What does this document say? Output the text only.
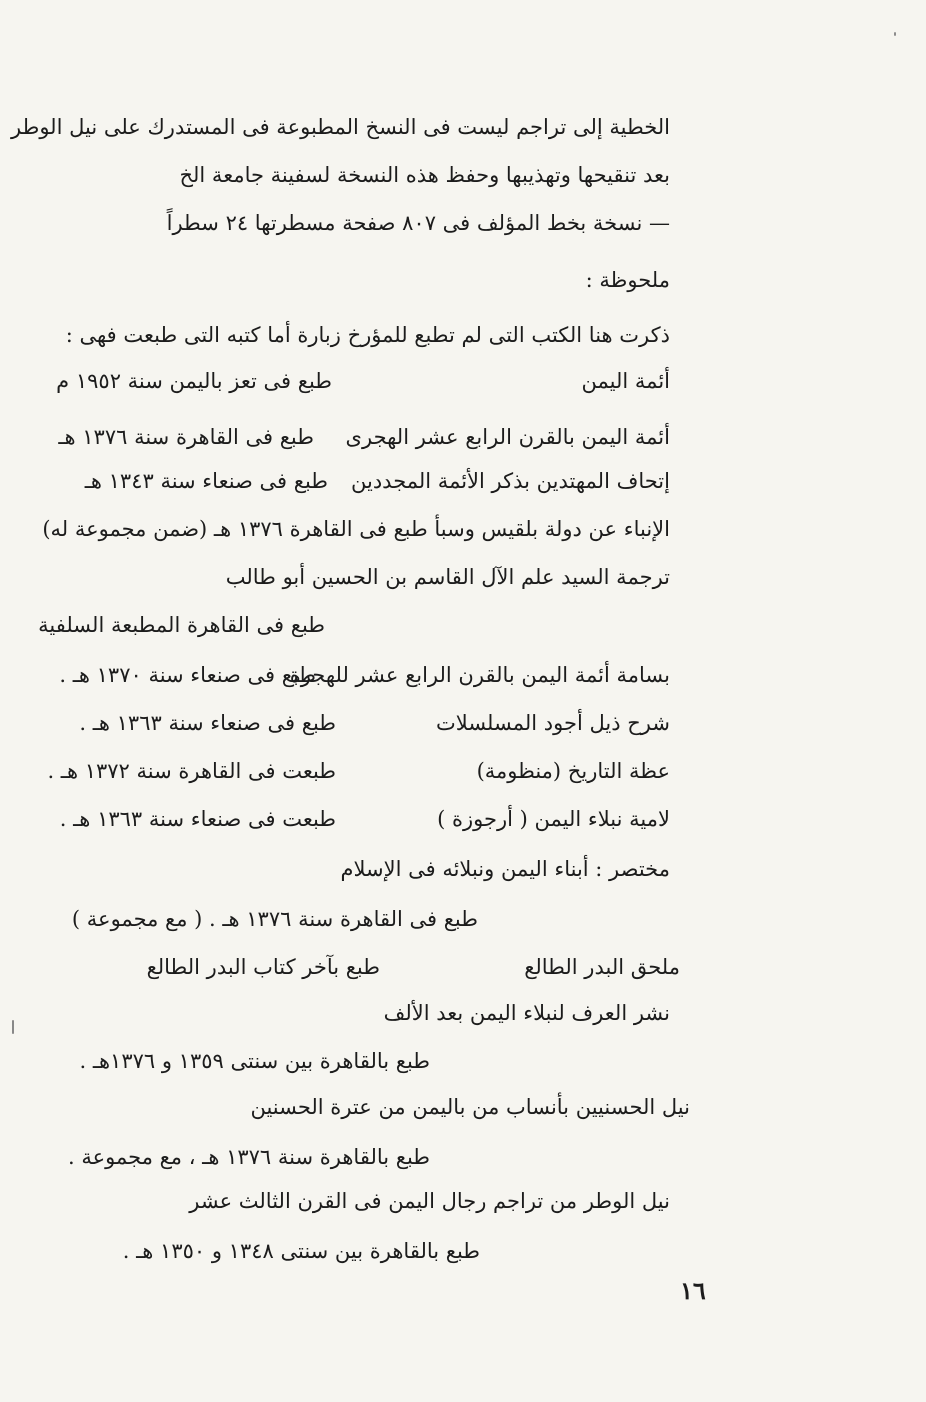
الخطية إلى تراجم ليست فى النسخ المطبوعة فى المستدرك على نيل الوطر

بعد تنقيحها وتهذيبها وحفظ هذه النسخة لسفينة جامعة الخ

— نسخة بخط المؤلف فى ٨٠٧ صفحة مسطرتها ٢٤ سطراً

ملحوظة :

ذكرت هنا الكتب التى لم تطبع للمؤرخ زبارة أما كتبه التى طبعت فهى :

أئمة اليمن
طبع فى تعز باليمن سنة ١٩٥٢ م
أئمة اليمن بالقرن الرابع عشر الهجرى
طبع فى القاهرة سنة ١٣٧٦ هـ
إتحاف المهتدين بذكر الأئمة المجددين
طبع فى صنعاء سنة ١٣٤٣ هـ
الإنباء عن دولة بلقيس وسبأ طبع فى القاهرة ١٣٧٦ هـ (ضمن مجموعة له)

ترجمة السيد علم الآل القاسم بن الحسين أبو طالب

طبع فى القاهرة المطبعة السلفية

بسامة أئمة اليمن بالقرن الرابع عشر للهجرة
طبع فى صنعاء سنة ١٣٧٠ هـ .
شرح ذيل أجود المسلسلات
طبع فى صنعاء سنة ١٣٦٣ هـ .
عظة التاريخ (منظومة)
طبعت فى القاهرة سنة ١٣٧٢ هـ .
لامية نبلاء اليمن ( أرجوزة )
طبعت فى صنعاء سنة ١٣٦٣ هـ .

مختصر : أبناء اليمن ونبلائه فى الإسلام

طبع فى القاهرة سنة ١٣٧٦ هـ . ( مع مجموعة )

ملحق البدر الطالع
طبع بآخر كتاب البدر الطالع

نشر العرف لنبلاء اليمن بعد الألف

طبع بالقاهرة بين سنتى ١٣٥٩ و ١٣٧٦هـ .

نيل الحسنيين بأنساب من باليمن من عترة الحسنين

طبع بالقاهرة سنة ١٣٧٦ هـ ، مع مجموعة .

نيل الوطر من تراجم رجال اليمن فى القرن الثالث عشر

طبع بالقاهرة بين سنتى ١٣٤٨ و ١٣٥٠ هـ .

١٦
